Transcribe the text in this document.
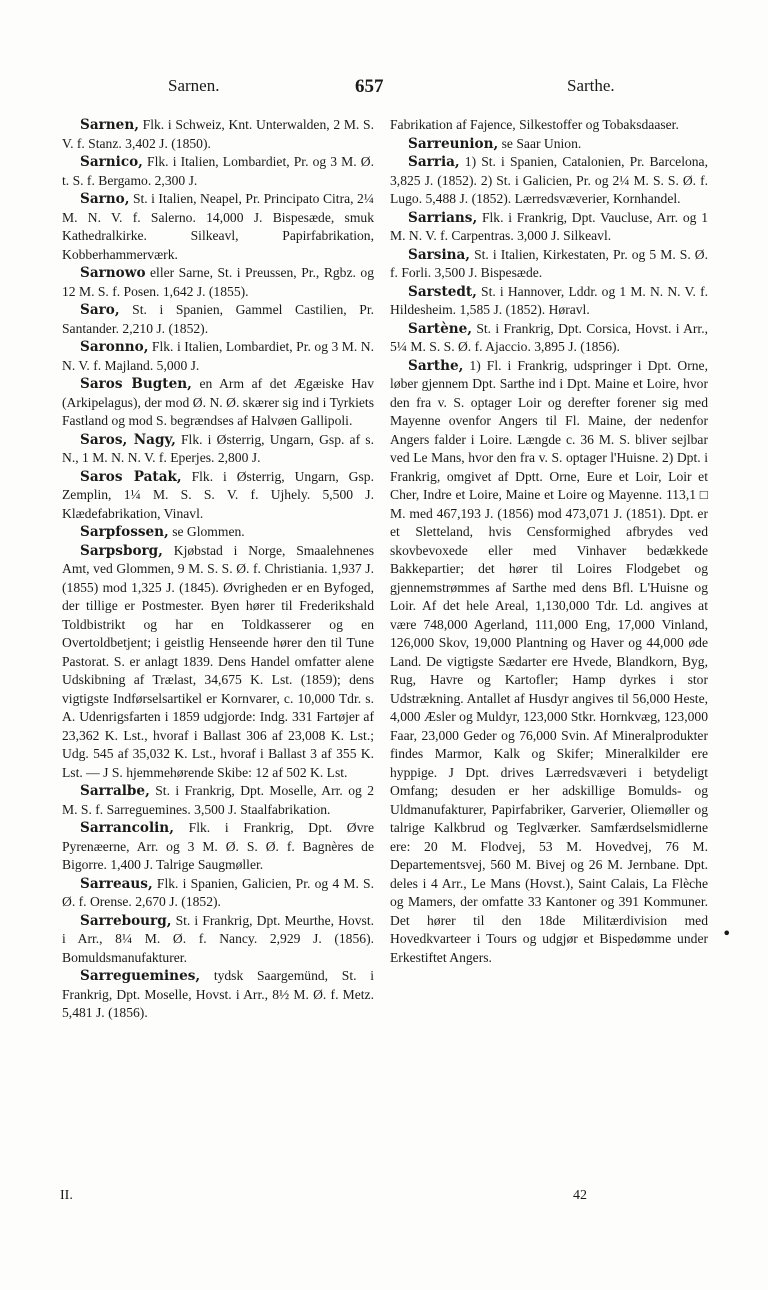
Sarnen.	657	Sarthe.

Sarnen, Flk. i Schweiz, Knt. Unterwalden, 2 M. S. V. f. Stanz. 3,402 J. (1850).

Sarnico, Flk. i Italien, Lombardiet, Pr. og 3 M. Ø. t. S. f. Bergamo. 2,300 J.

Sarno, St. i Italien, Neapel, Pr. Principato Citra, 2¼ M. N. V. f. Salerno. 14,000 J. Bispesæde, smuk Kathedralkirke. Silkeavl, Papirfabrikation, Kobberhammerværk.

Sarnowo eller Sarne, St. i Preussen, Pr., Rgbz. og 12 M. S. f. Posen. 1,642 J. (1855).

Saro, St. i Spanien, Gammel Castilien, Pr. Santander. 2,210 J. (1852).

Saronno, Flk. i Italien, Lombardiet, Pr. og 3 M. N. N. V. f. Majland. 5,000 J.

Saros Bugten, en Arm af det Ægæiske Hav (Arkipelagus), der mod Ø. N. Ø. skærer sig ind i Tyrkiets Fastland og mod S. begrændses af Halvøen Gallipoli.

Saros, Nagy, Flk. i Østerrig, Ungarn, Gsp. af s. N., 1 M. N. N. V. f. Eperjes. 2,800 J.

Saros Patak, Flk. i Østerrig, Ungarn, Gsp. Zemplin, 1¼ M. S. S. V. f. Ujhely. 5,500 J. Klædefabrikation, Vinavl.

Sarpfossen, se Glommen.

Sarpsborg, Kjøbstad i Norge, Smaalehnenes Amt, ved Glommen, 9 M. S. S. Ø. f. Christiania. 1,937 J. (1855) mod 1,325 J. (1845). Øvrigheden er en Byfoged, der tillige er Postmester. Byen hører til Frederikshald Toldbistrikt og har en Toldkasserer og en Overtoldbetjent; i geistlig Henseende hører den til Tune Pastorat. S. er anlagt 1839. Dens Handel omfatter alene Udskibning af Trælast, 34,675 K. Lst. (1859); dens vigtigste Indførselsartikel er Kornvarer, c. 10,000 Tdr. s. A. Udenrigsfarten i 1859 udgjorde: Indg. 331 Fartøjer af 23,362 K. Lst., hvoraf i Ballast 306 af 23,008 K. Lst.; Udg. 545 af 35,032 K. Lst., hvoraf i Ballast 3 af 355 K. Lst. — J S. hjemmehørende Skibe: 12 af 502 K. Lst.

Sarralbe, St. i Frankrig, Dpt. Moselle, Arr. og 2 M. S. f. Sarreguemines. 3,500 J. Staalfabrikation.

Sarrancolin, Flk. i Frankrig, Dpt. Øvre Pyrenæerne, Arr. og 3 M. Ø. S. Ø. f. Bagnères de Bigorre. 1,400 J. Talrige Saugmøller.

Sarreaus, Flk. i Spanien, Galicien, Pr. og 4 M. S. Ø. f. Orense. 2,670 J. (1852).

Sarrebourg, St. i Frankrig, Dpt. Meurthe, Hovst. i Arr., 8¼ M. Ø. f. Nancy. 2,929 J. (1856). Bomuldsmanufakturer.

Sarreguemines, tydsk Saargemünd, St. i Frankrig, Dpt. Moselle, Hovst. i Arr., 8½ M. Ø. f. Metz. 5,481 J. (1856).

Fabrikation af Fajence, Silkestoffer og Tobaksdaaser.

Sarreunion, se Saar Union.

Sarria, 1) St. i Spanien, Catalonien, Pr. Barcelona, 3,825 J. (1852). 2) St. i Galicien, Pr. og 2¼ M. S. S. Ø. f. Lugo. 5,488 J. (1852). Lærredsvæverier, Kornhandel.

Sarrians, Flk. i Frankrig, Dpt. Vaucluse, Arr. og 1 M. N. V. f. Carpentras. 3,000 J. Silkeavl.

Sarsina, St. i Italien, Kirkestaten, Pr. og 5 M. S. Ø. f. Forli. 3,500 J. Bispesæde.

Sarstedt, St. i Hannover, Lddr. og 1 M. N. N. V. f. Hildesheim. 1,585 J. (1852). Høravl.

Sartène, St. i Frankrig, Dpt. Corsica, Hovst. i Arr., 5¼ M. S. S. Ø. f. Ajaccio. 3,895 J. (1856).

Sarthe, 1) Fl. i Frankrig, udspringer i Dpt. Orne, løber gjennem Dpt. Sarthe ind i Dpt. Maine et Loire, hvor den fra v. S. optager Loir og derefter forener sig med Mayenne ovenfor Angers til Fl. Maine, der nedenfor Angers falder i Loire. Længde c. 36 M. S. bliver sejlbar ved Le Mans, hvor den fra v. S. optager l'Huisne. 2) Dpt. i Frankrig, omgivet af Dptt. Orne, Eure et Loir, Loir et Cher, Indre et Loire, Maine et Loire og Mayenne. 113,1 □ M. med 467,193 J. (1856) mod 473,071 J. (1851). Dpt. er et Sletteland, hvis Censformighed afbrydes ved skovbevoxede eller med Vinhaver bedækkede Bakkepartier; det hører til Loires Flodgebet og gjennemstrømmes af Sarthe med dens Bfl. L'Huisne og Loir. Af det hele Areal, 1,130,000 Tdr. Ld. angives at være 748,000 Agerland, 111,000 Eng, 17,000 Vinland, 126,000 Skov, 19,000 Plantning og Haver og 44,000 øde Land. De vigtigste Sædarter ere Hvede, Blandkorn, Byg, Rug, Havre og Kartofler; Hamp dyrkes i stor Udstrækning. Antallet af Husdyr angives til 56,000 Heste, 4,000 Æsler og Muldyr, 123,000 Stkr. Hornkvæg, 123,000 Faar, 23,000 Geder og 76,000 Svin. Af Mineralprodukter findes Marmor, Kalk og Skifer; Mineralkilder ere hyppige. J Dpt. drives Lærredsvæveri i betydeligt Omfang; desuden er her adskillige Bomulds- og Uldmanufakturer, Papirfabriker, Garverier, Oliemøller og talrige Kalkbrud og Teglværker. Samfærdselsmidlerne ere: 20 M. Flodvej, 53 M. Hovedvej, 76 M. Departementsvej, 560 M. Bivej og 26 M. Jernbane. Dpt. deles i 4 Arr., Le Mans (Hovst.), Saint Calais, La Flèche og Mamers, der omfatte 33 Kantoner og 391 Kommuner. Det hører til den 18de Militærdivision med Hovedkvarteer i Tours og udgjør et Bispedømme under Erkestiftet Angers.

•
II.	42
